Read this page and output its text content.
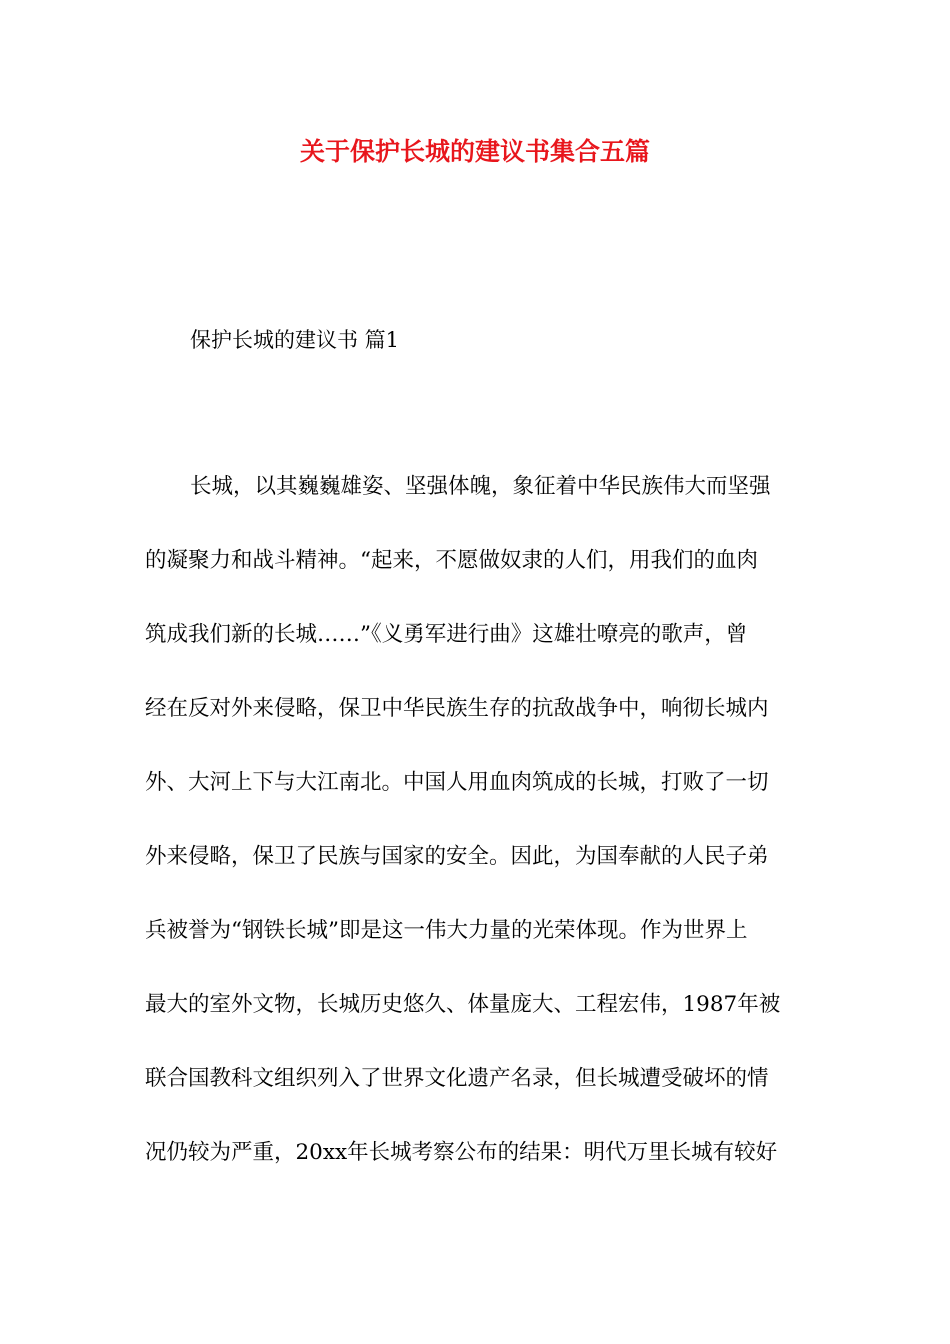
关于保护长城的建议书集合五篇
保护长城的建议书 篇1
长城，以其巍巍雄姿、坚强体魄，象征着中华民族伟大而坚强
的凝聚力和战斗精神。“起来，不愿做奴隶的人们，用我们的血肉
筑成我们新的长城……”《义勇军进行曲》这雄壮嘹亮的歌声，曾
经在反对外来侵略，保卫中华民族生存的抗敌战争中，响彻长城内
外、大河上下与大江南北。中国人用血肉筑成的长城，打败了一切
外来侵略，保卫了民族与国家的安全。因此，为国奉献的人民子弟
兵被誉为“钢铁长城”即是这一伟大力量的光荣体现。作为世界上
最大的室外文物，长城历史悠久、体量庞大、工程宏伟，1987年被
联合国教科文组织列入了世界文化遗产名录，但长城遭受破坏的情
况仍较为严重，20xx年长城考察公布的结果：明代万里长城有较好
